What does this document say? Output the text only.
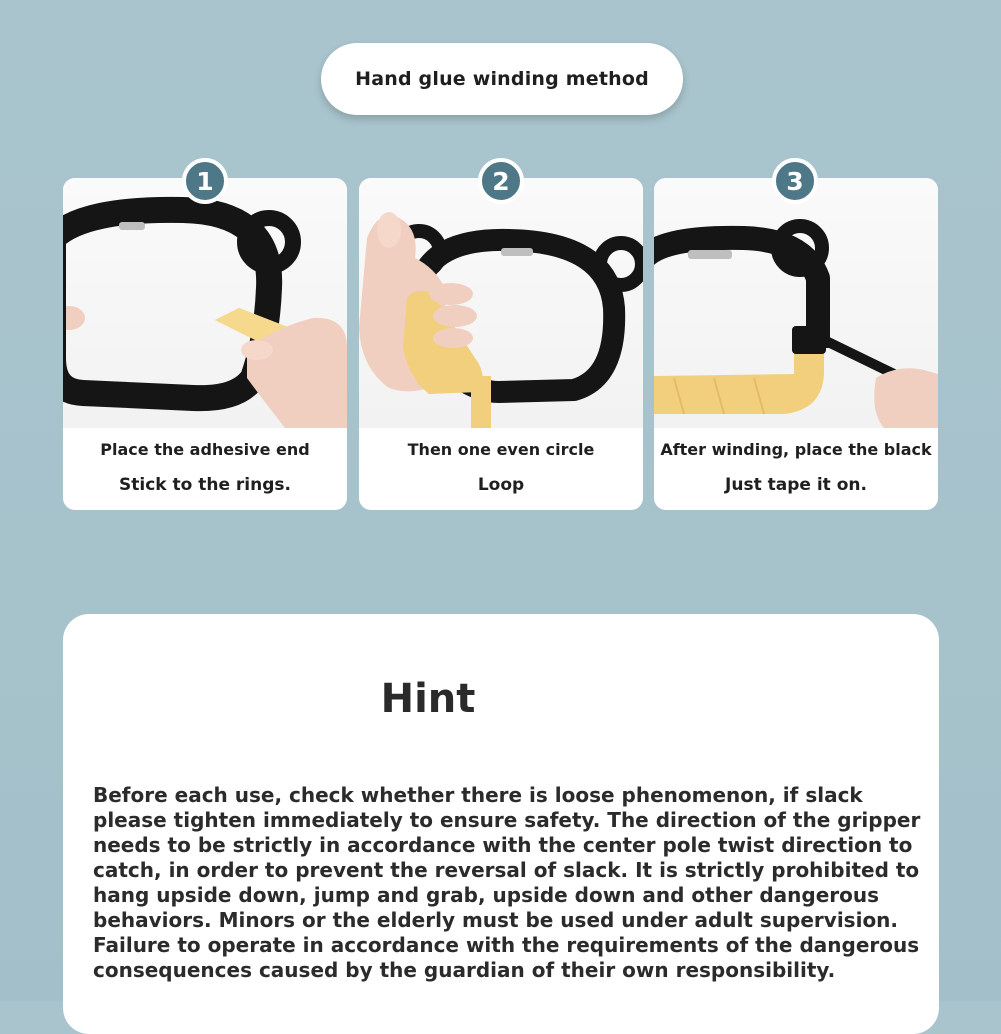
Hand glue winding method
1
Place the adhesive end
Stick to the rings.
2
Then one even circle
Loop
3
After winding, place the black
Just tape it on.
Hint

Before each use, check whether there is loose phenomenon, if slack please tighten immediately to ensure safety. The direction of the gripper needs to be strictly in accordance with the center pole twist direction to catch, in order to prevent the reversal of slack. It is strictly prohibited to hang upside down, jump and grab, upside down and other dangerous behaviors. Minors or the elderly must be used under adult supervision. Failure to operate in accordance with the requirements of the dangerous consequences caused by the guardian of their own responsibility.
